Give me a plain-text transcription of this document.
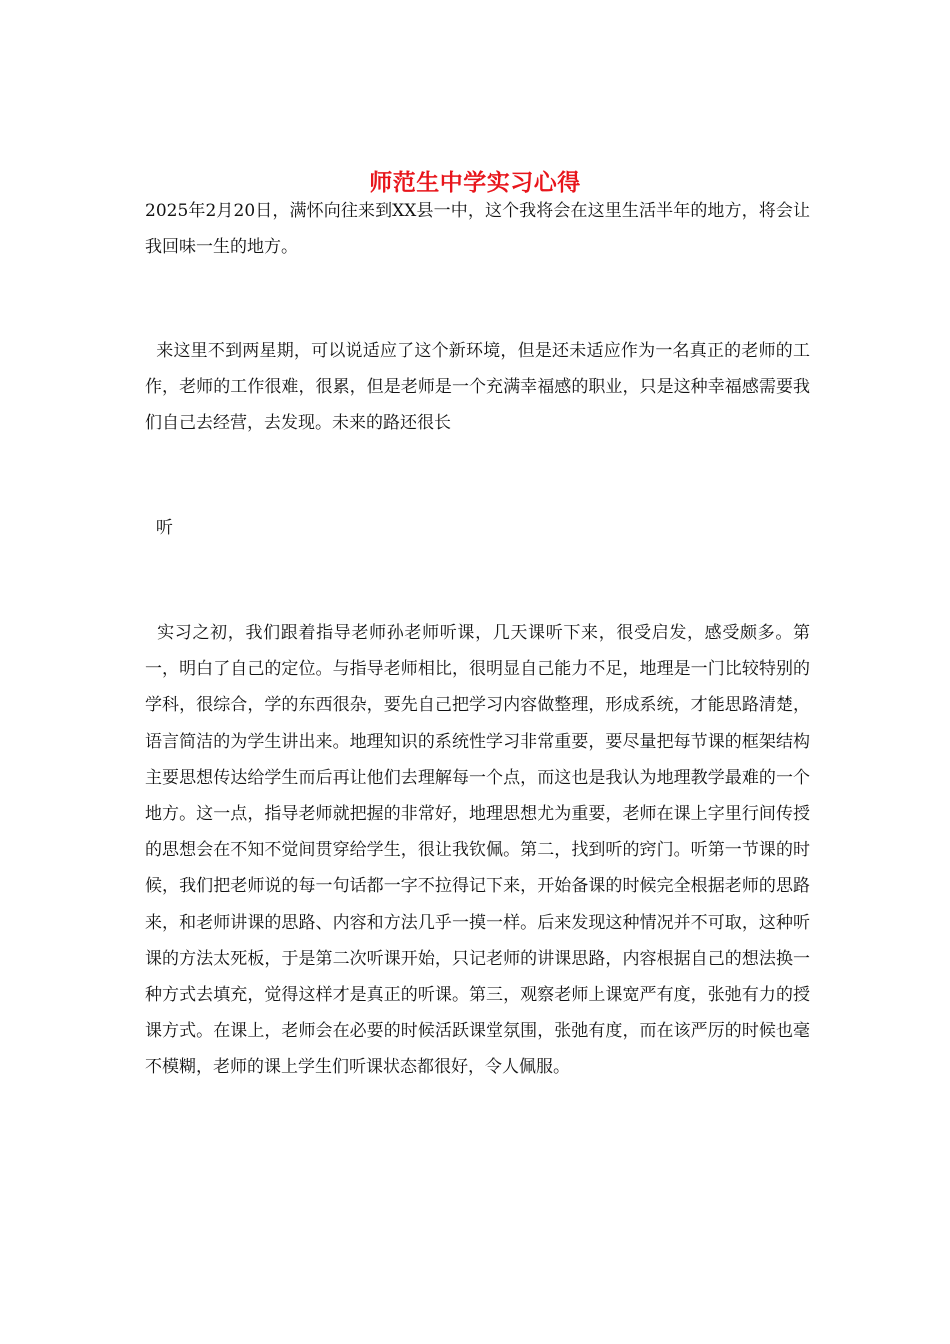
师范生中学实习心得

2025年2月20日，满怀向往来到XX县一中，这个我将会在这里生活半年的地方，将会让我回味一生的地方。

来这里不到两星期，可以说适应了这个新环境，但是还未适应作为一名真正的老师的工作，老师的工作很难，很累，但是老师是一个充满幸福感的职业，只是这种幸福感需要我们自己去经营，去发现。未来的路还很长

听

实习之初，我们跟着指导老师孙老师听课，几天课听下来，很受启发，感受颇多。第一，明白了自己的定位。与指导老师相比，很明显自己能力不足，地理是一门比较特别的学科，很综合，学的东西很杂，要先自己把学习内容做整理，形成系统，才能思路清楚，语言简洁的为学生讲出来。地理知识的系统性学习非常重要，要尽量把每节课的框架结构主要思想传达给学生而后再让他们去理解每一个点，而这也是我认为地理教学最难的一个地方。这一点，指导老师就把握的非常好，地理思想尤为重要，老师在课上字里行间传授的思想会在不知不觉间贯穿给学生，很让我钦佩。第二，找到听的窍门。听第一节课的时候，我们把老师说的每一句话都一字不拉得记下来，开始备课的时候完全根据老师的思路来，和老师讲课的思路、内容和方法几乎一摸一样。后来发现这种情况并不可取，这种听课的方法太死板，于是第二次听课开始，只记老师的讲课思路，内容根据自己的想法换一种方式去填充，觉得这样才是真正的听课。第三，观察老师上课宽严有度，张弛有力的授课方式。在课上，老师会在必要的时候活跃课堂氛围，张弛有度，而在该严厉的时候也毫不模糊，老师的课上学生们听课状态都很好，令人佩服。
